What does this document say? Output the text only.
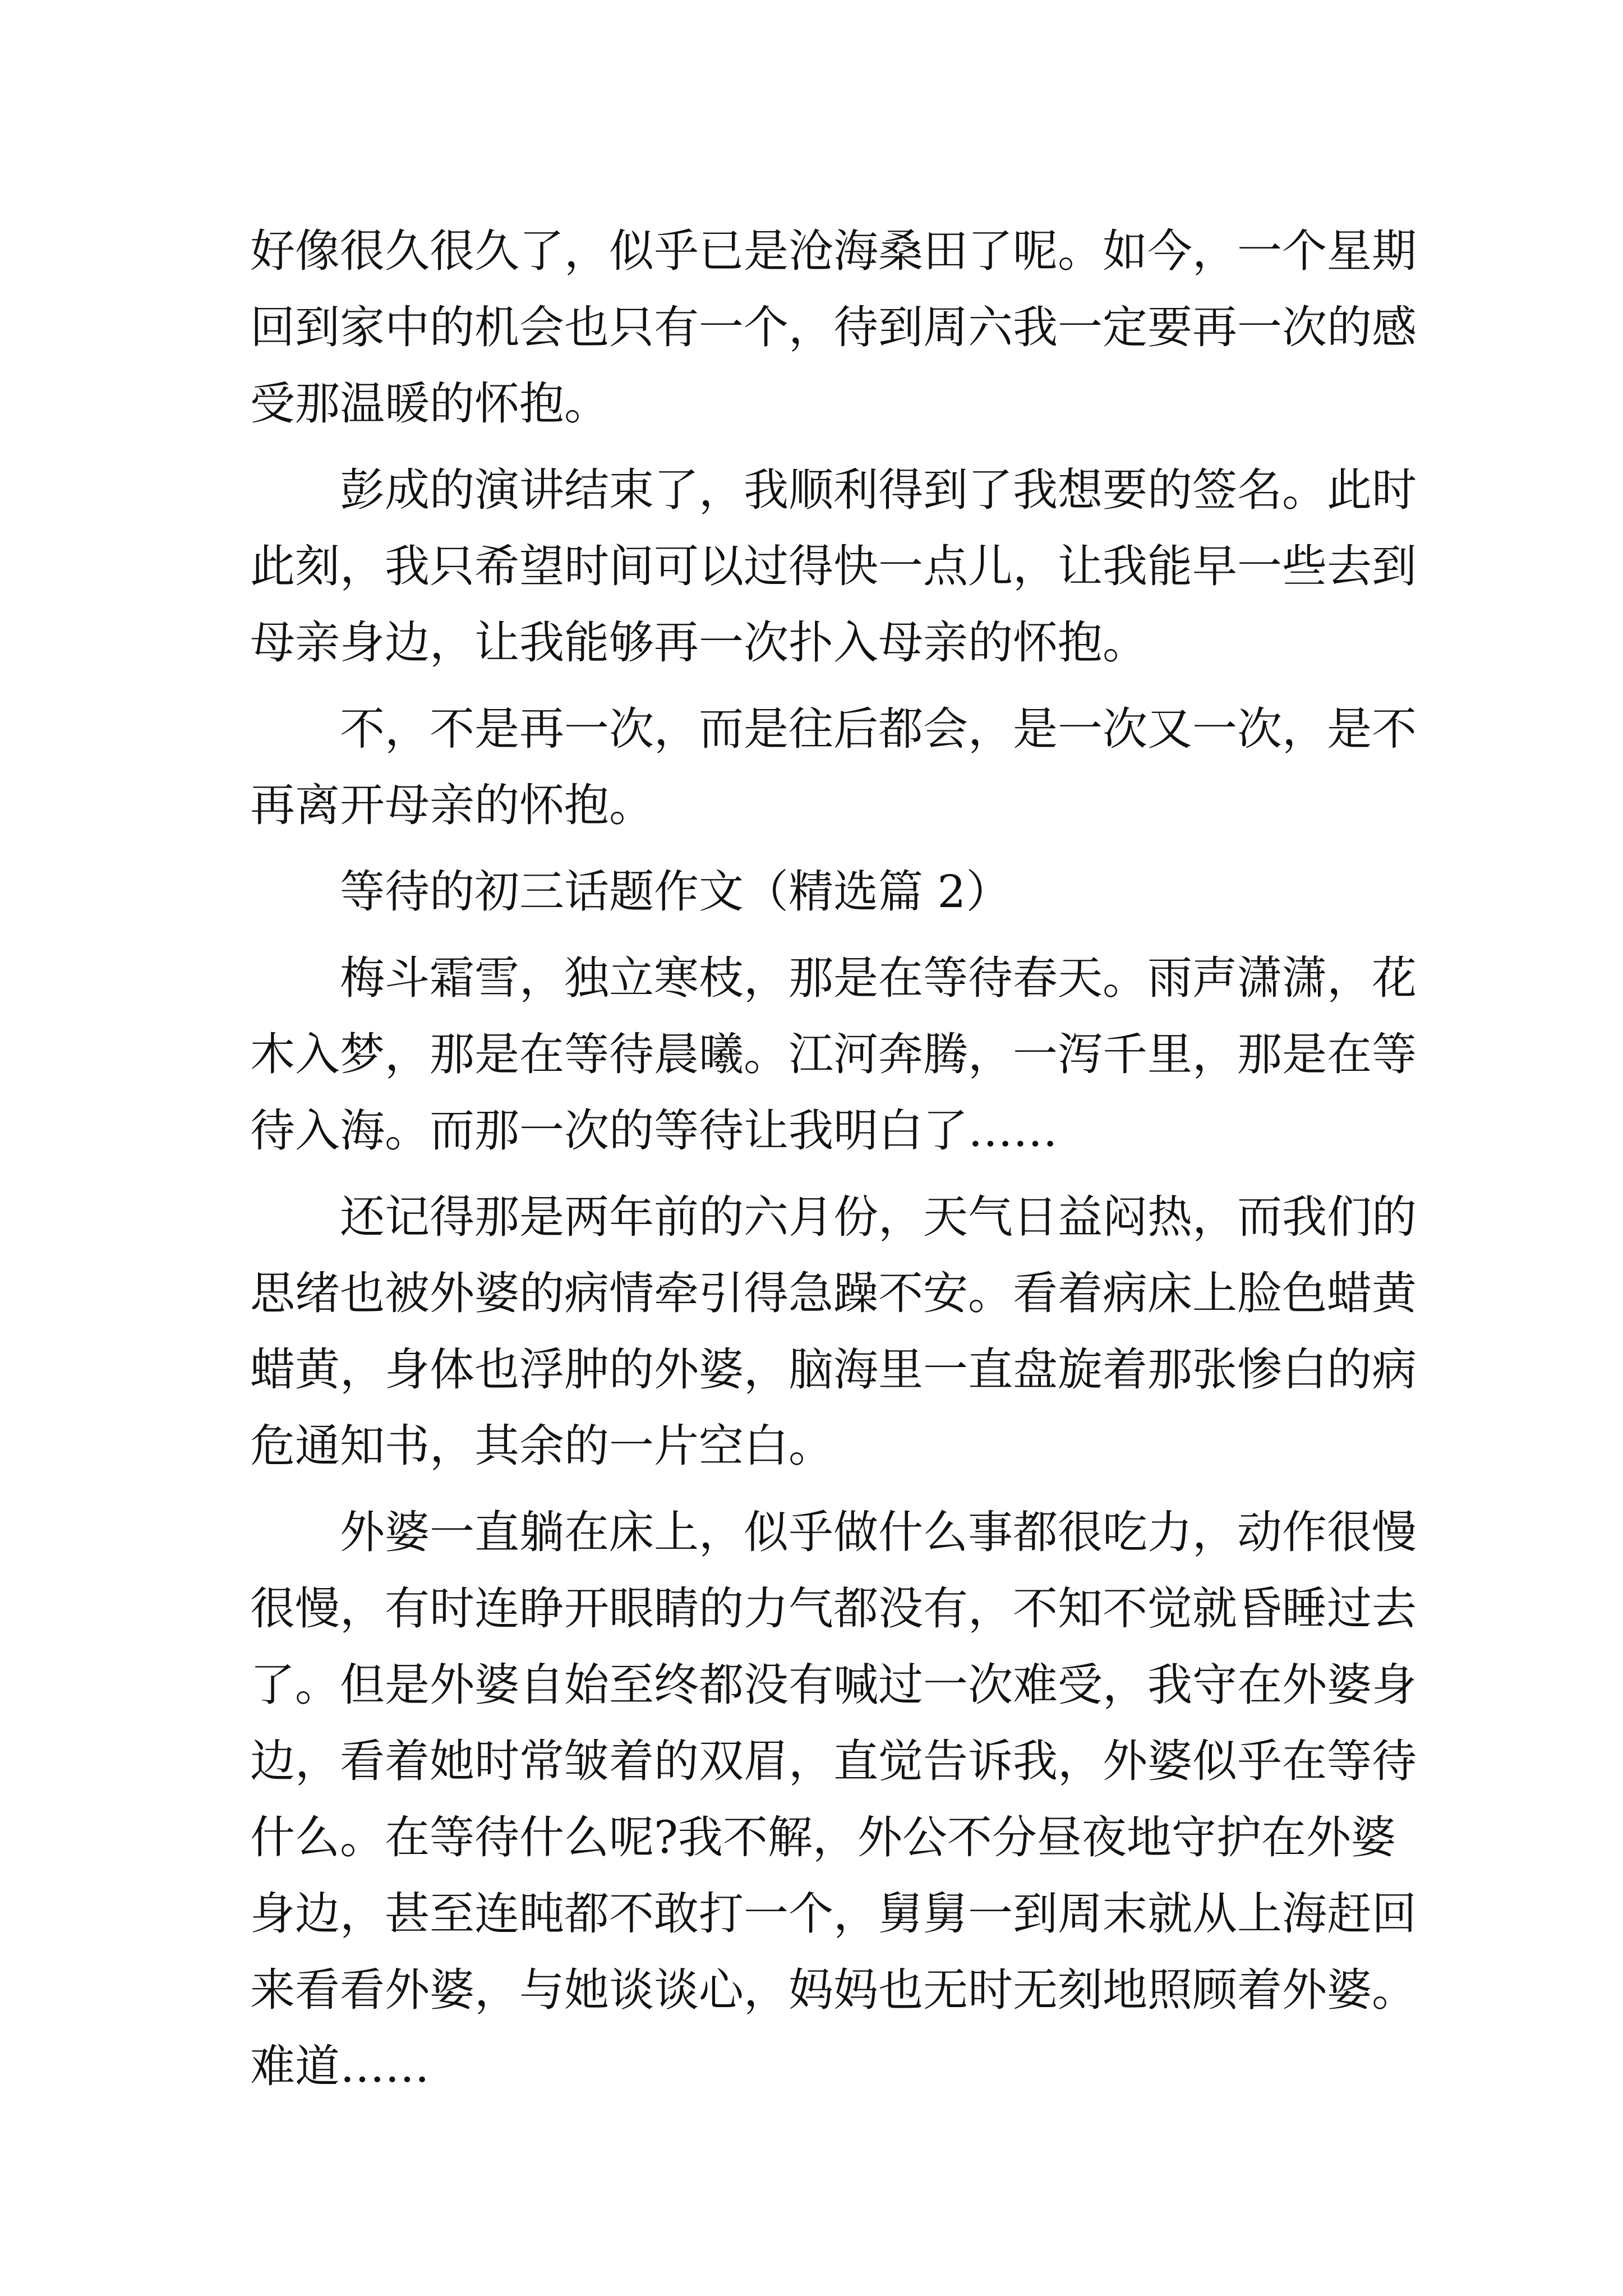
好像很久很久了，似乎已是沧海桑田了呢。如今，一个星期
回到家中的机会也只有一个，待到周六我一定要再一次的感
受那温暖的怀抱。
彭成的演讲结束了，我顺利得到了我想要的签名。此时
此刻，我只希望时间可以过得快一点儿，让我能早一些去到
母亲身边，让我能够再一次扑入母亲的怀抱。
不，不是再一次，而是往后都会，是一次又一次，是不
再离开母亲的怀抱。
等待的初三话题作文（精选篇 2）
梅斗霜雪，独立寒枝，那是在等待春天。雨声潇潇，花
木入梦，那是在等待晨曦。江河奔腾，一泻千里，那是在等
待入海。而那一次的等待让我明白了……
还记得那是两年前的六月份，天气日益闷热，而我们的
思绪也被外婆的病情牵引得急躁不安。看着病床上脸色蜡黄
蜡黄，身体也浮肿的外婆，脑海里一直盘旋着那张惨白的病
危通知书，其余的一片空白。
外婆一直躺在床上，似乎做什么事都很吃力，动作很慢
很慢，有时连睁开眼睛的力气都没有，不知不觉就昏睡过去
了。但是外婆自始至终都没有喊过一次难受，我守在外婆身
边，看着她时常皱着的双眉，直觉告诉我，外婆似乎在等待
什么。在等待什么呢?我不解，外公不分昼夜地守护在外婆
身边，甚至连盹都不敢打一个，舅舅一到周末就从上海赶回
来看看外婆，与她谈谈心，妈妈也无时无刻地照顾着外婆。
难道……
